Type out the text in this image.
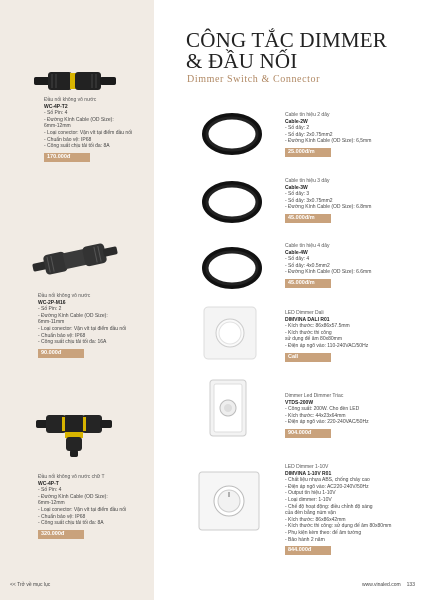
CÔNG TẮC DIMMER
& ĐẦU NỐI
Dimmer Switch & Connector
Đầu nối không vô nước
WC-4P-T2
- Số Pin: 4
- Đường Kính Cable (OD Size):
6mm-12mm
- Loại conector: Vặn vít tại điểm đầu nối
- Chuẩn bảo vệ: IP68
- Công suất chịu tải tối đa: 8A
170.000đ
Đầu nối không vô nước
WC-2P-M16
- Số Pin: 2
- Đường Kính Cable (OD Size):
6mm-11mm
- Loại conector: Vặn vít tại điểm đầu nối
- Chuẩn bảo vệ: IP68
- Công suất chịu tải tối đa: 16A
90.000đ
Đầu nối không vô nước chữ T
WC-4P-T
- Số Pin: 4
- Đường Kính Cable (OD Size):
6mm-12mm
- Loại conector: Vặn vít tại điểm đầu nối
- Chuẩn bảo vệ: IP68
- Công suất chịu tải tối đa: 8A
320.000đ
Cable tín hiệu 2 dây
Cable-2W
- Số dây: 2
- Số dây: 2x0.75mm2
- Đường Kính Cable (OD Size): 6,5mm
25.000đ/m
Cable tín hiệu 3 dây
Cable-3W
- Số dây: 3
- Số dây: 3x0.75mm2
- Đường Kính Cable (OD Size): 6.8mm
45.000đ/m
Cable tín hiệu 4 dây
Cable-4W
- Số dây: 4
- Số dây: 4x0.5mm2
- Đường Kính Cable (OD Size): 6.6mm
45.000đ/m
LED Dimmer Dali
DIMVINA DALI R01
- Kích thước: 86x86x57.5mm
- Kích thước thi công
sử dụng đế âm 80x80mm
- Điện áp ngõ vào: 110-240VAC/50Hz
Call
Dimmer Led Dimmer Triac
VTDS-200W
- Công suất: 200W. Cho đèn LED
- Kích thước: 44x23x64mm
- Điện áp ngõ vào: 220-240VAC/50Hz
904.000đ
LED Dimmer 1-10V
DIMVINA 1-10V R01
- Chất liệu nhựa ABS, chống cháy cao
- Điện áp ngõ vào: AC220-240V/50Hz
- Output tín hiệu 1-10V
- Loại dimmer: 1-10V
- Chế độ hoạt động: điều chỉnh độ sáng
của đèn bằng núm vặn
- Kích thước: 86x86x42mm
- Kích thước thi công: sử dụng đế âm 80x80mm
- Phụ kiện kèm theo: đế âm tường
- Bảo hành 2 năm
844.000đ
<< Trở về mục lục	www.vinaled.com 133
